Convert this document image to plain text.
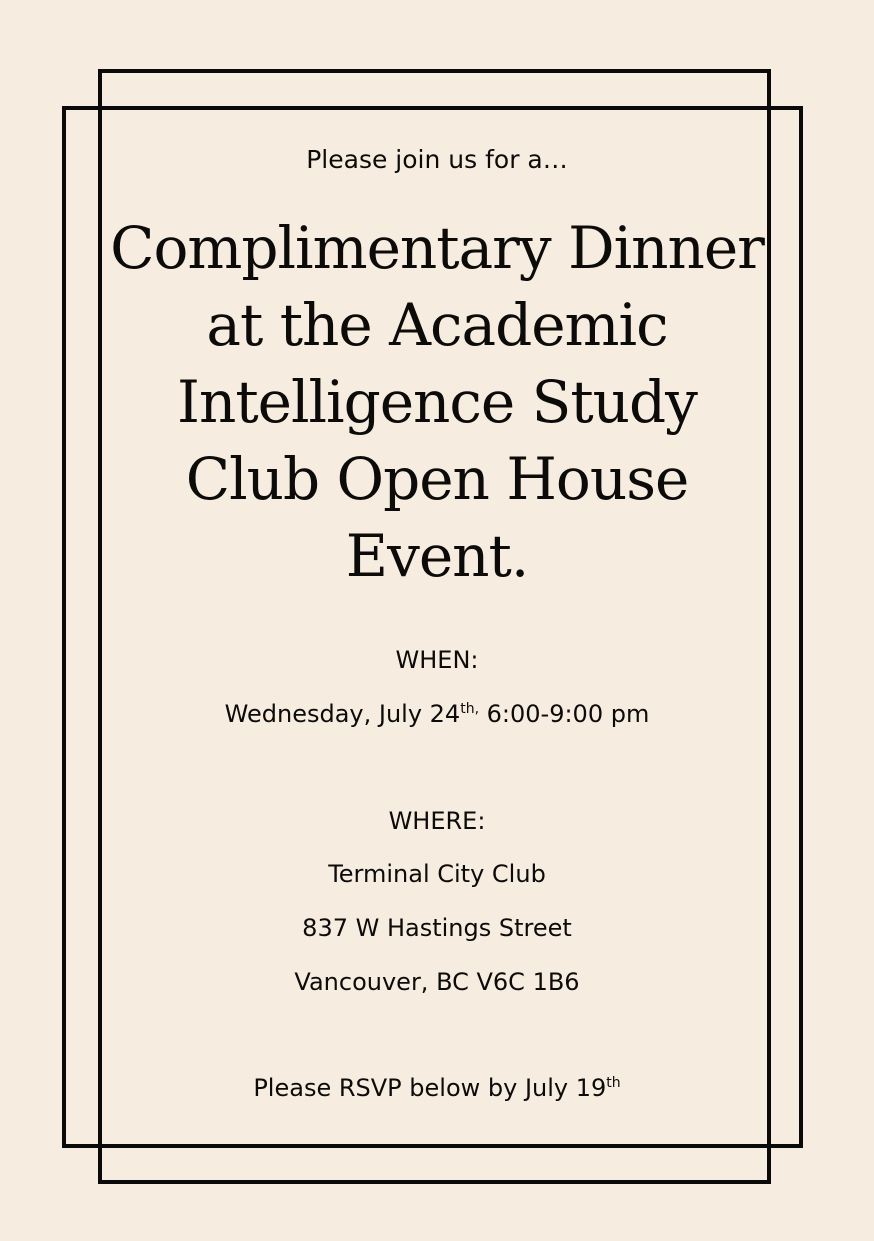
Please join us for a…
Complimentary Dinner at the Academic Intelligence Study Club Open House Event.
WHEN:
Wednesday, July $24^{th,}$ 6:00-9:00 pm
WHERE:
Terminal City Club
837 W Hastings Street
Vancouver, BC V6C 1B6
Please RSVP below by July 19th
